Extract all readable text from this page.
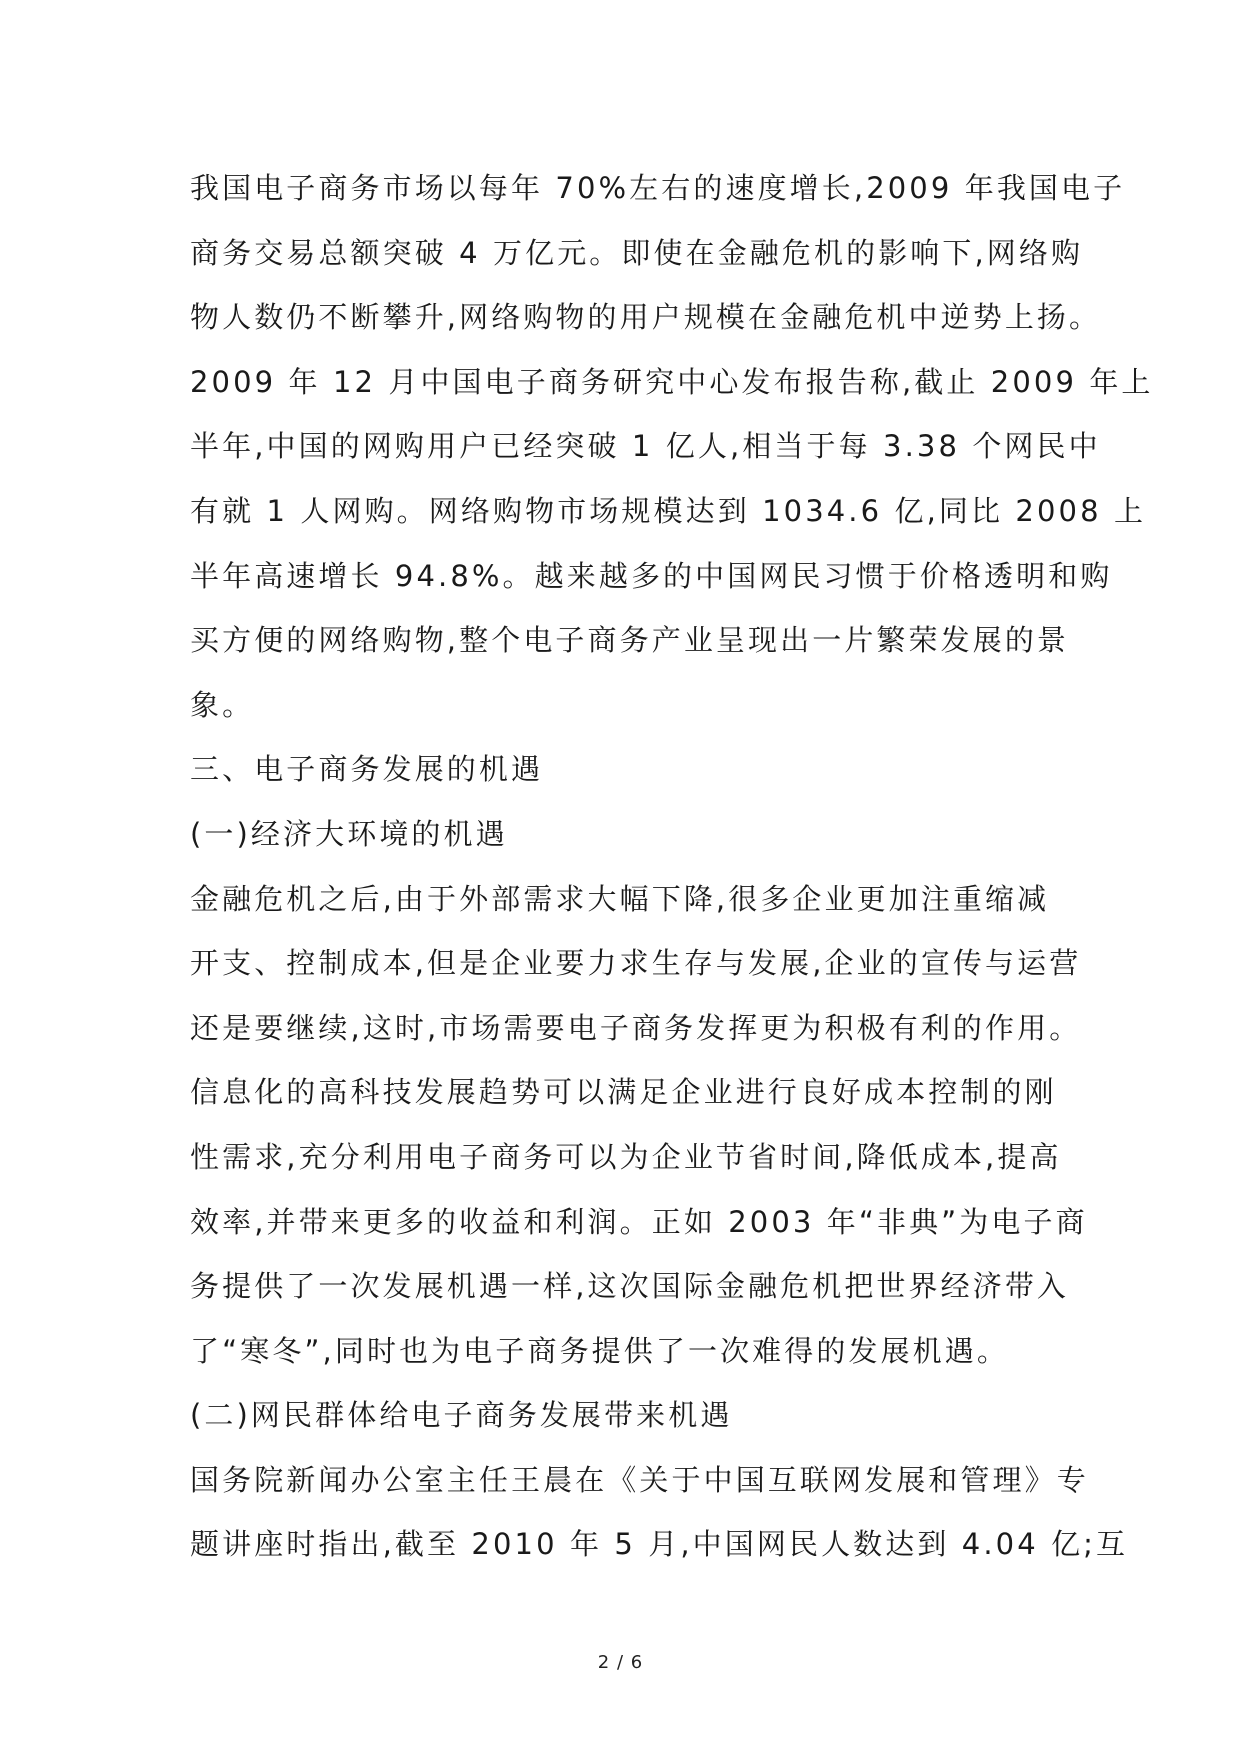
我国电子商务市场以每年 70%左右的速度增长,2009 年我国电子
商务交易总额突破 4 万亿元。即使在金融危机的影响下,网络购
物人数仍不断攀升,网络购物的用户规模在金融危机中逆势上扬。
2009 年 12 月中国电子商务研究中心发布报告称,截止 2009 年上
半年,中国的网购用户已经突破 1 亿人,相当于每 3.38 个网民中
有就 1 人网购。网络购物市场规模达到 1034.6 亿,同比 2008 上
半年高速增长 94.8%。越来越多的中国网民习惯于价格透明和购
买方便的网络购物,整个电子商务产业呈现出一片繁荣发展的景
象。
三、电子商务发展的机遇
(一)经济大环境的机遇
金融危机之后,由于外部需求大幅下降,很多企业更加注重缩减
开支、控制成本,但是企业要力求生存与发展,企业的宣传与运营
还是要继续,这时,市场需要电子商务发挥更为积极有利的作用。
信息化的高科技发展趋势可以满足企业进行良好成本控制的刚
性需求,充分利用电子商务可以为企业节省时间,降低成本,提高
效率,并带来更多的收益和利润。正如 2003 年“非典”为电子商
务提供了一次发展机遇一样,这次国际金融危机把世界经济带入
了“寒冬”,同时也为电子商务提供了一次难得的发展机遇。
(二)网民群体给电子商务发展带来机遇
国务院新闻办公室主任王晨在《关于中国互联网发展和管理》专
题讲座时指出,截至 2010 年 5 月,中国网民人数达到 4.04 亿;互
2 / 6
